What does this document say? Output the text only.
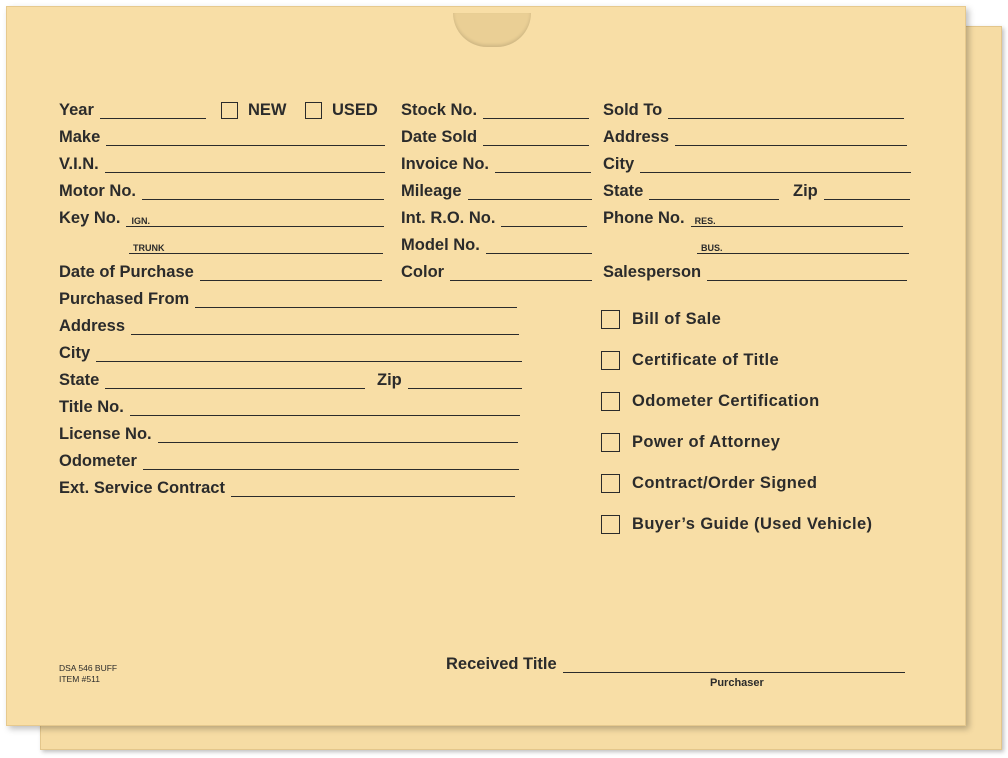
Year	NEW	USED Stock No.	Sold To
Make	Date Sold	Address
V.I.N.	Invoice No.	City
Motor No.	Mileage	State	Zip
Key No. IGN.	Int. R.O. No.	Phone No. RES.
TRUNK	Model No.	BUS.
Date of Purchase	Color	Salesperson
Purchased From
Address
City
State	Zip
Title No.
License No.
Odometer
Ext. Service Contract
Bill of Sale
Certificate of Title
Odometer Certification
Power of Attorney
Contract/Order Signed
Buyer’s Guide (Used Vehicle)
DSA 546 BUFF
ITEM #511
Received Title
Purchaser
